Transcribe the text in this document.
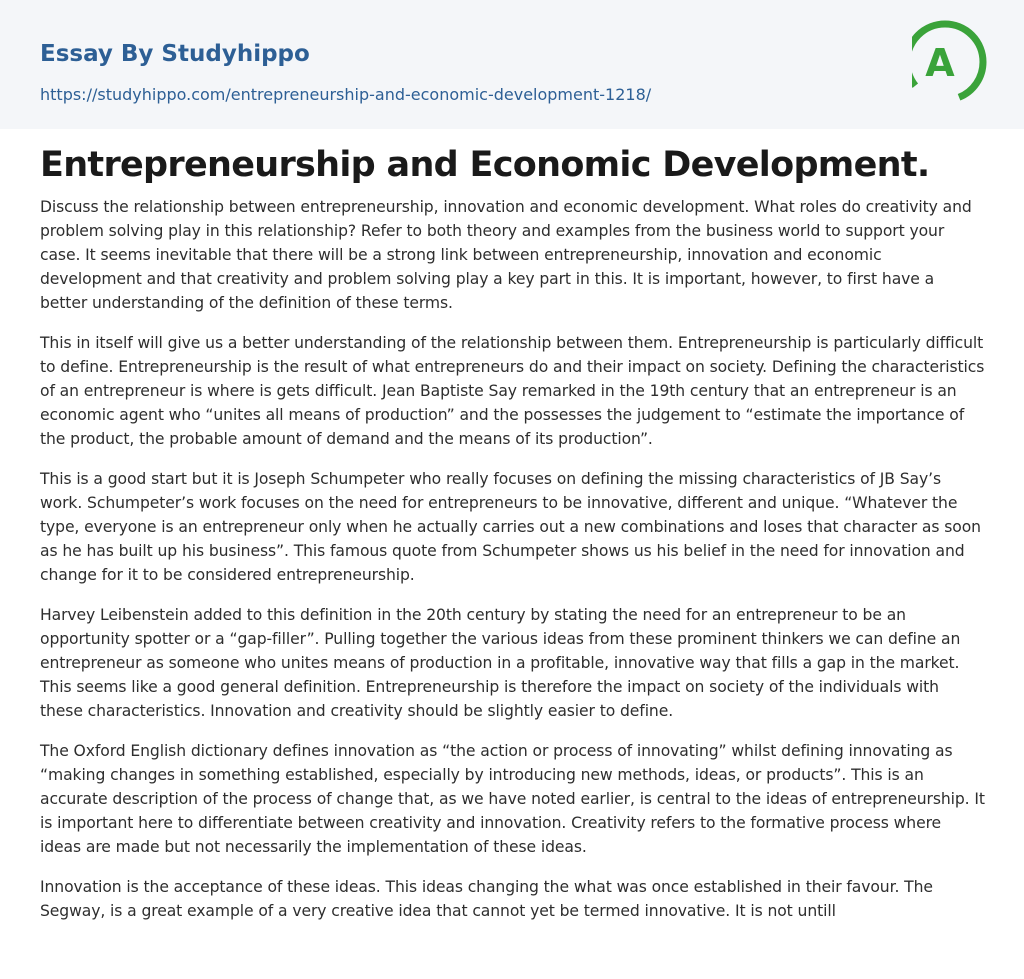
Essay By Studyhippo
https://studyhippo.com/entrepreneurship-and-economic-development-1218/
A
Entrepreneurship and Economic Development.

Discuss the relationship between entrepreneurship, innovation and economic development. What roles do creativity and problem solving play in this relationship? Refer to both theory and examples from the business world to support your case. It seems inevitable that there will be a strong link between entrepreneurship, innovation and economic development and that creativity and problem solving play a key part in this. It is important, however, to first have a better understanding of the definition of these terms.

This in itself will give us a better understanding of the relationship between them. Entrepreneurship is particularly difficult to define. Entrepreneurship is the result of what entrepreneurs do and their impact on society. Defining the characteristics of an entrepreneur is where is gets difficult. Jean Baptiste Say remarked in the 19th century that an entrepreneur is an economic agent who “unites all means of production” and the possesses the judgement to “estimate the importance of the product, the probable amount of demand and the means of its production”.

This is a good start but it is Joseph Schumpeter who really focuses on defining the missing characteristics of JB Say’s work. Schumpeter’s work focuses on the need for entrepreneurs to be innovative, different and unique. “Whatever the type, everyone is an entrepreneur only when he actually carries out a new combinations and loses that character as soon as he has built up his business”. This famous quote from Schumpeter shows us his belief in the need for innovation and change for it to be considered entrepreneurship.

Harvey Leibenstein added to this definition in the 20th century by stating the need for an entrepreneur to be an opportunity spotter or a “gap-filler”. Pulling together the various ideas from these prominent thinkers we can define an entrepreneur as someone who unites means of production in a profitable, innovative way that fills a gap in the market. This seems like a good general definition. Entrepreneurship is therefore the impact on society of the individuals with these characteristics. Innovation and creativity should be slightly easier to define.

The Oxford English dictionary defines innovation as “the action or process of innovating” whilst defining innovating as “making changes in something established, especially by introducing new methods, ideas, or products”. This is an accurate description of the process of change that, as we have noted earlier, is central to the ideas of entrepreneurship. It is important here to differentiate between creativity and innovation. Creativity refers to the formative process where ideas are made but not necessarily the implementation of these ideas.

Innovation is the acceptance of these ideas. This ideas changing the what was once established in their favour. The Segway, is a great example of a very creative idea that cannot yet be termed innovative. It is not untill
